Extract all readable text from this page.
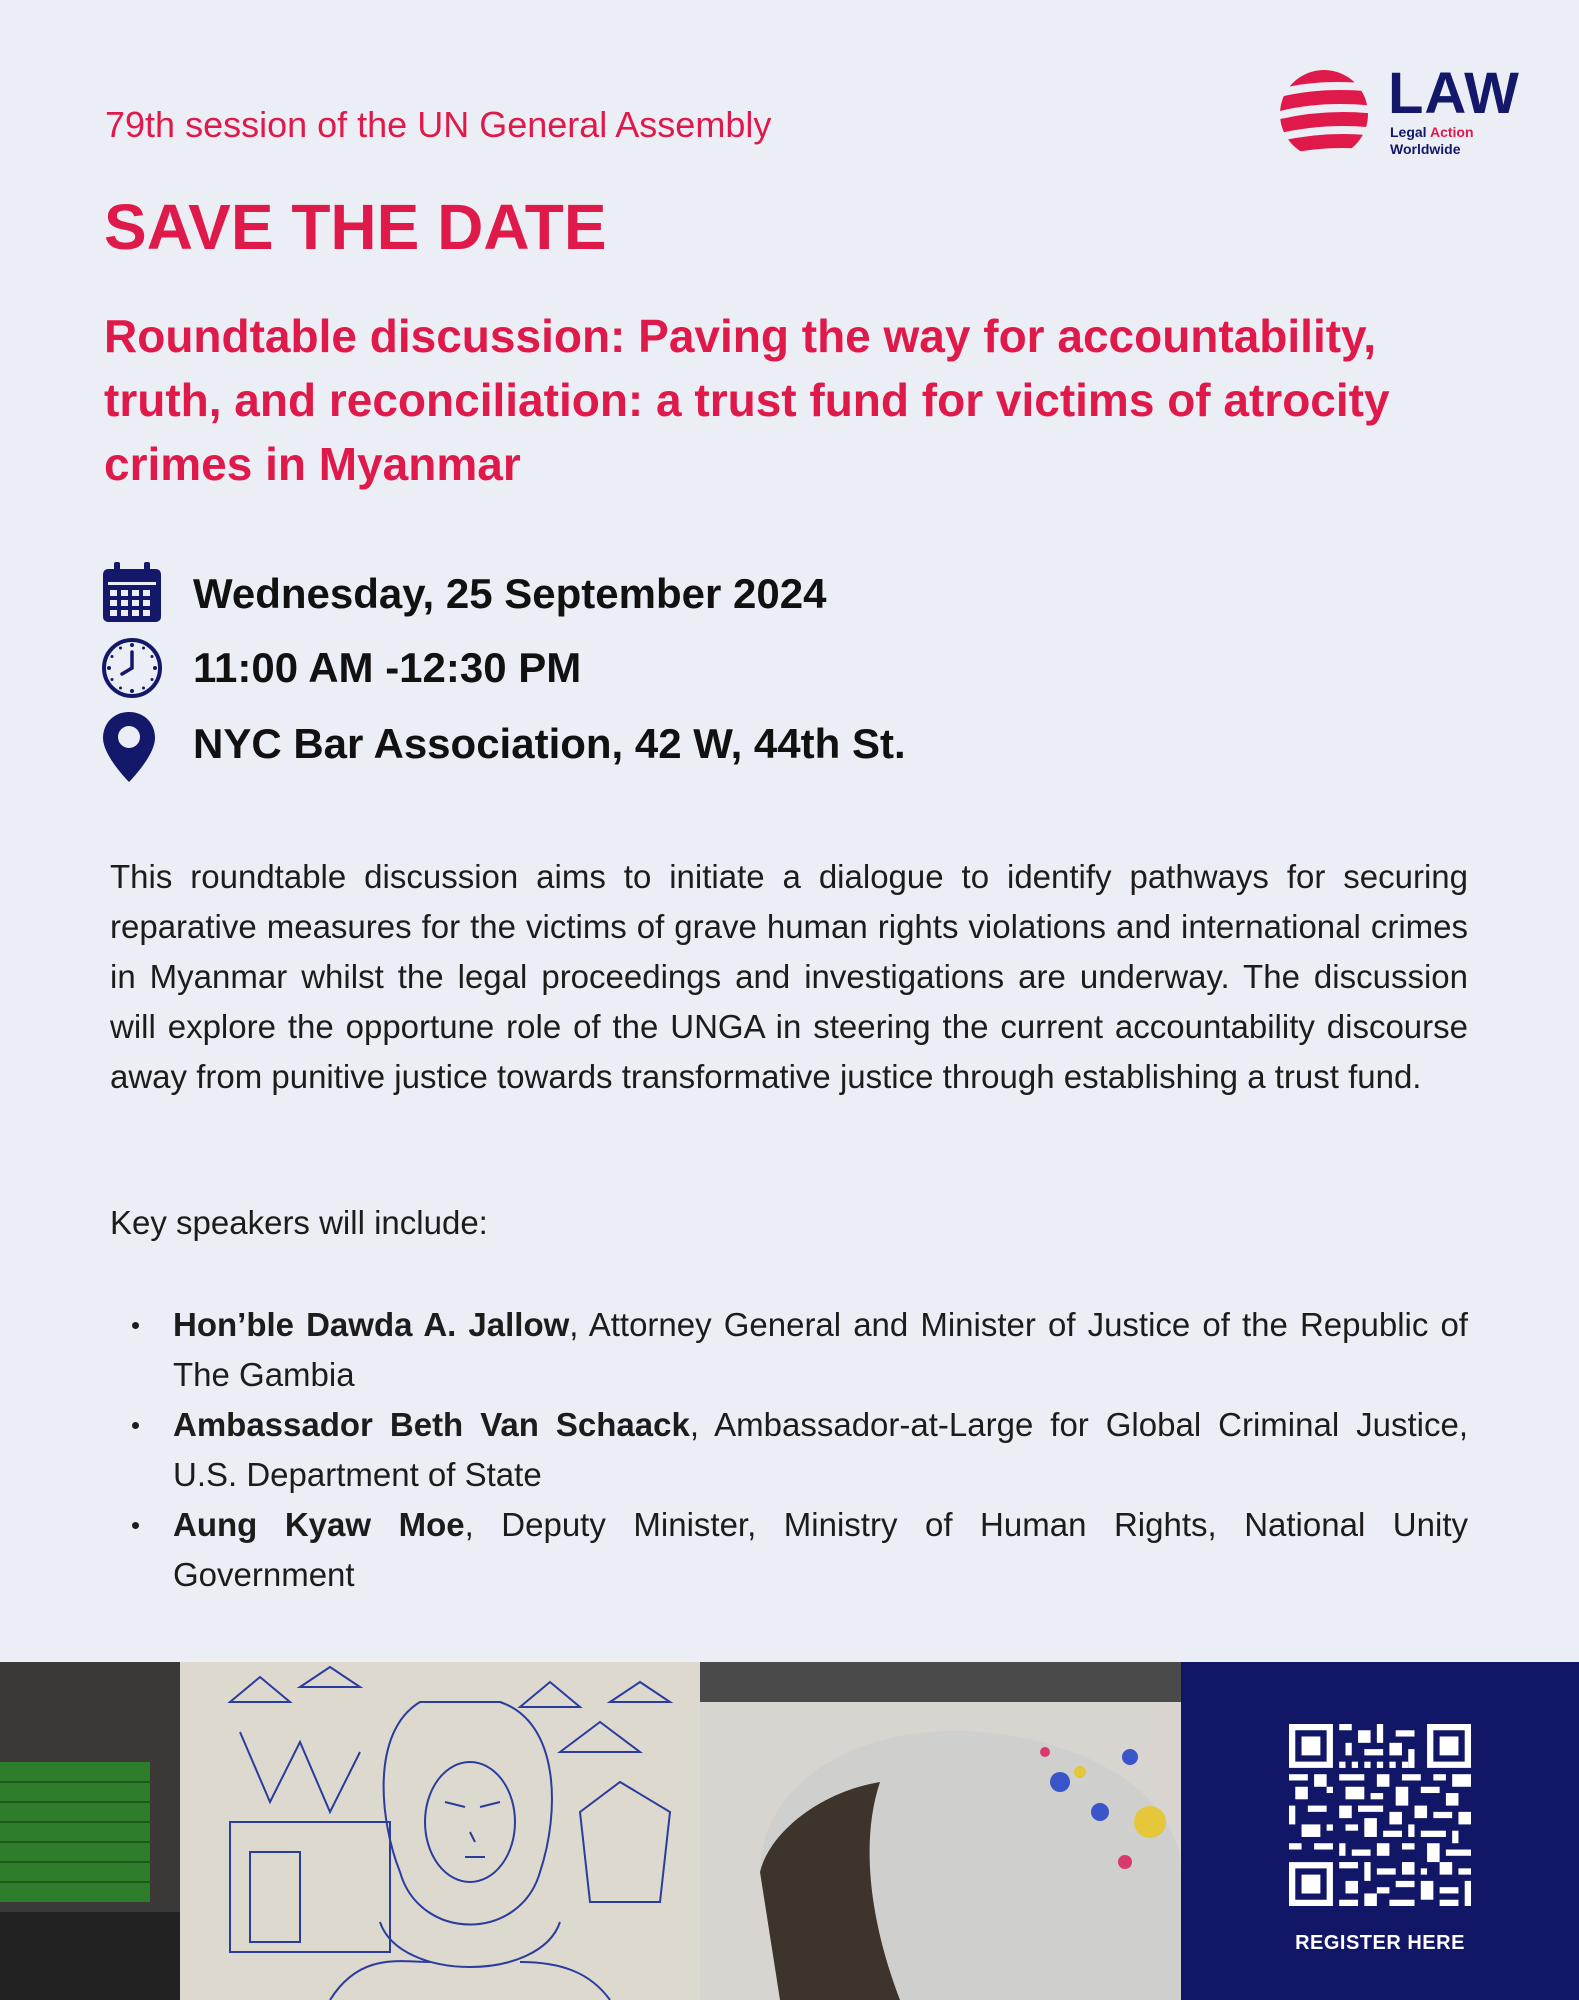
79th session of the UN General Assembly	LAW
Legal Action
Worldwide
SAVE THE DATE
Roundtable discussion: Paving the way for accountability, truth, and reconciliation: a trust fund for victims of atrocity crimes in Myanmar
Wednesday, 25 September 2024
11:00 AM -12:30 PM
NYC Bar Association, 42 W, 44th St.
This roundtable discussion aims to initiate a dialogue to identify pathways for securing reparative measures for the victims of grave human rights violations and international crimes in Myanmar whilst the legal proceedings and investigations are underway. The discussion will explore the opportune role of the UNGA in steering the current accountability discourse away from punitive justice towards transformative justice through establishing a trust fund.
Key speakers will include:
Hon’ble Dawda A. Jallow, Attorney General and Minister of Justice of the Republic of The Gambia
Ambassador Beth Van Schaack, Ambassador-at-Large for Global Criminal Justice, U.S. Department of State
Aung Kyaw Moe, Deputy Minister, Ministry of Human Rights, National Unity Government
REGISTER HERE
